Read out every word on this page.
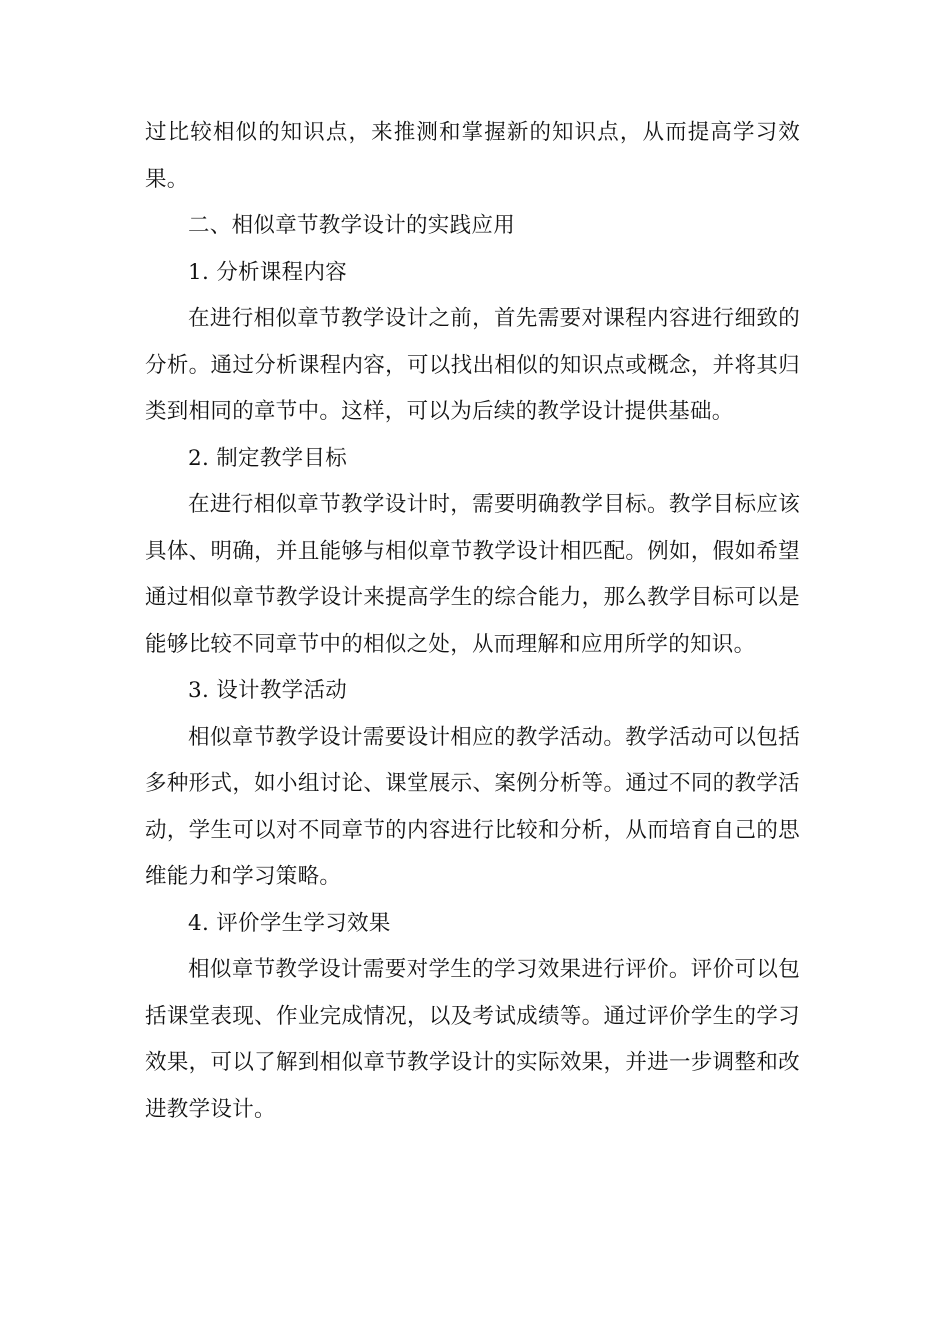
过比较相似的知识点，来推测和掌握新的知识点，从而提高学习效果。

二、相似章节教学设计的实践应用

1. 分析课程内容

在进行相似章节教学设计之前，首先需要对课程内容进行细致的分析。通过分析课程内容，可以找出相似的知识点或概念，并将其归类到相同的章节中。这样，可以为后续的教学设计提供基础。

2. 制定教学目标

在进行相似章节教学设计时，需要明确教学目标。教学目标应该具体、明确，并且能够与相似章节教学设计相匹配。例如，假如希望通过相似章节教学设计来提高学生的综合能力，那么教学目标可以是能够比较不同章节中的相似之处，从而理解和应用所学的知识。

3. 设计教学活动

相似章节教学设计需要设计相应的教学活动。教学活动可以包括多种形式，如小组讨论、课堂展示、案例分析等。通过不同的教学活动，学生可以对不同章节的内容进行比较和分析，从而培育自己的思维能力和学习策略。

4. 评价学生学习效果

相似章节教学设计需要对学生的学习效果进行评价。评价可以包括课堂表现、作业完成情况，以及考试成绩等。通过评价学生的学习效果，可以了解到相似章节教学设计的实际效果，并进一步调整和改进教学设计。
